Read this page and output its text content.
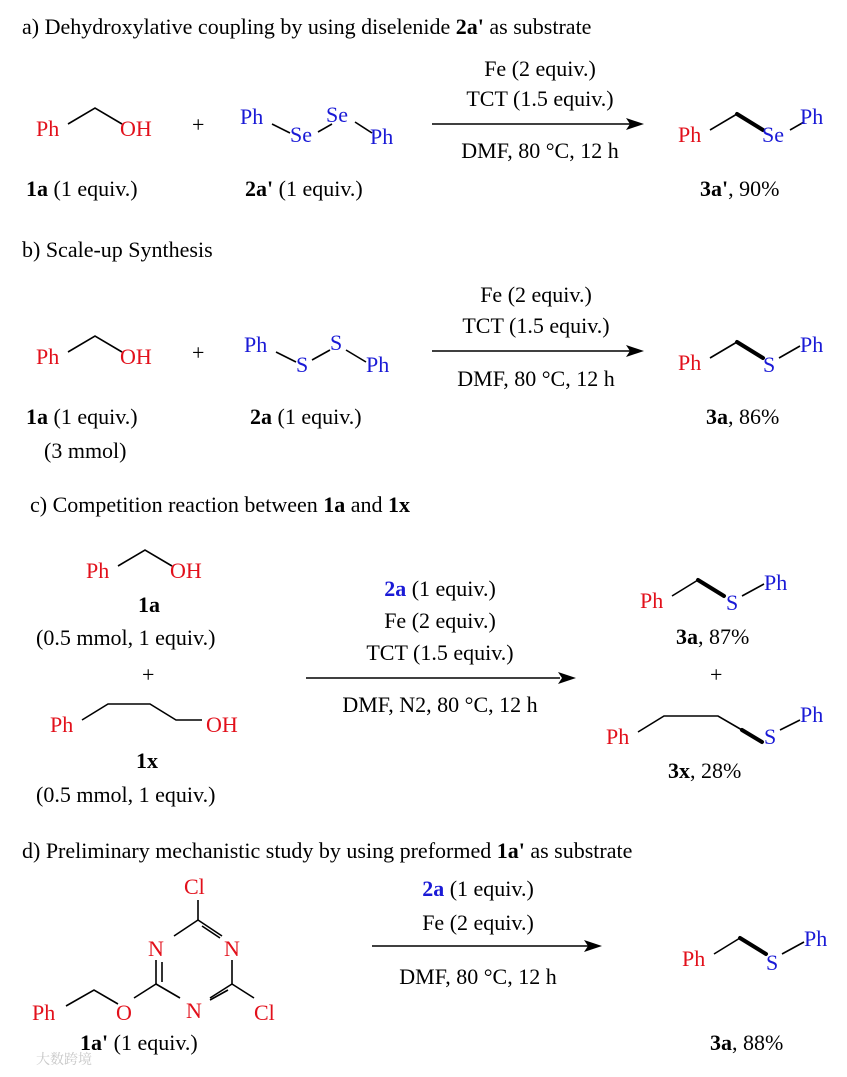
a) Dehydroxylative coupling by using diselenide 2a' as substrate
Ph	OH + Ph
Se
Se
Ph
Fe (2 equiv.)
TCT (1.5 equiv.)
DMF, 80 °C, 12 h
Ph	Se
Ph
1a (1 equiv.)	2a' (1 equiv.)	3a', 90%
b) Scale-up Synthesis
Ph	OH + Ph
S
S
Ph
Fe (2 equiv.)
TCT (1.5 equiv.)
DMF, 80 °C, 12 h
Ph	S
Ph
1a (1 equiv.)
(3 mmol)
2a (1 equiv.)	3a, 86%
c) Competition reaction between 1a and 1x
Ph	OH
1a
(0.5 mmol, 1 equiv.)
+
Ph	OH
1x
(0.5 mmol, 1 equiv.)
2a (1 equiv.)
Fe (2 equiv.)
TCT (1.5 equiv.)
DMF, N2, 80 °C, 12 h
Ph	S
Ph
3a, 87%
+
Ph	S
Ph
3x, 28%
d) Preliminary mechanistic study by using preformed 1a' as substrate
Cl
N	N
N Cl
O
Ph
2a (1 equiv.)
Fe (2 equiv.)
DMF, 80 °C, 12 h
Ph	S
Ph
1a' (1 equiv.)	3a, 88%
大数跨境
